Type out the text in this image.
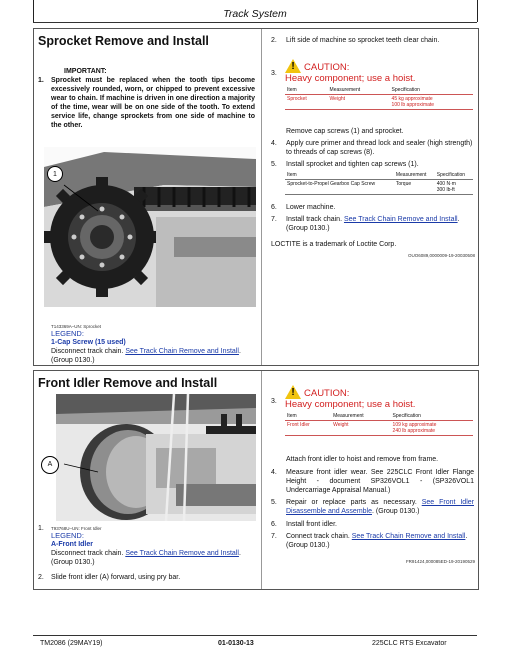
Track System
Sprocket Remove and Install
IMPORTANT:
1. Sprocket must be replaced when the tooth tips become excessively rounded, worn, or chipped to prevent excessive wear to chain. If machine is driven in one direction a majority of the time, wear will be on one side of the tooth. To extend service life, change sprockets from one side of machine to the other.
1
T143369A–UN: Sprocket
LEGEND:
1-Cap Screw (15 used)
Disconnect track chain. See Track Chain Remove and Install. (Group 0130.)
2. Lift side of machine so sprocket teeth clear chain.
3.
! CAUTION:
Heavy component; use a hoist.
Item	Measurement	Specification
Sprocket	Weight	45 kg approximate
100 lb approximate
Remove cap screws (1) and sprocket.
4. Apply cure primer and thread lock and sealer (high strength) to threads of cap screws (8).
5. Install sprocket and tighten cap screws (1).
Item	Measurement	Specification
Sprocket-to-Propel Gearbox Cap Screw	Torque	400 N·m
300 lb-ft
6. Lower machine.
7. Install track chain. See Track Chain Remove and Install. (Group 0130.)
LOCTITE is a trademark of Loctite Corp.
OUO6089,0000009-19-20030508
Front Idler Remove and Install
A
1. T93768U–UN: Front Idler
LEGEND:
A-Front Idler
Disconnect track chain. See Track Chain Remove and Install. (Group 0130.)
2. Slide front idler (A) forward, using pry bar.
3.
! CAUTION:
Heavy component; use a hoist.
Item	Measurement	Specification
Front Idler	Weight	109 kg approximate
240 lb approximate
Attach front idler to hoist and remove from frame.
4. Measure front idler wear. See 225CLC Front Idler Flange Height - document SP326VOL1 - (SP326VOL1 Undercarriage Appraisal Manual.)
5. Repair or replace parts as necessary. See Front Idler Disassemble and Assemble. (Group 0130.)
6. Install front idler.
7. Connect track chain. See Track Chain Remove and Install. (Group 0130.)
FR91424,000085ED-19-20190529
TM2086 (29MAY19)	01-0130-13	225CLC RTS Excavator
